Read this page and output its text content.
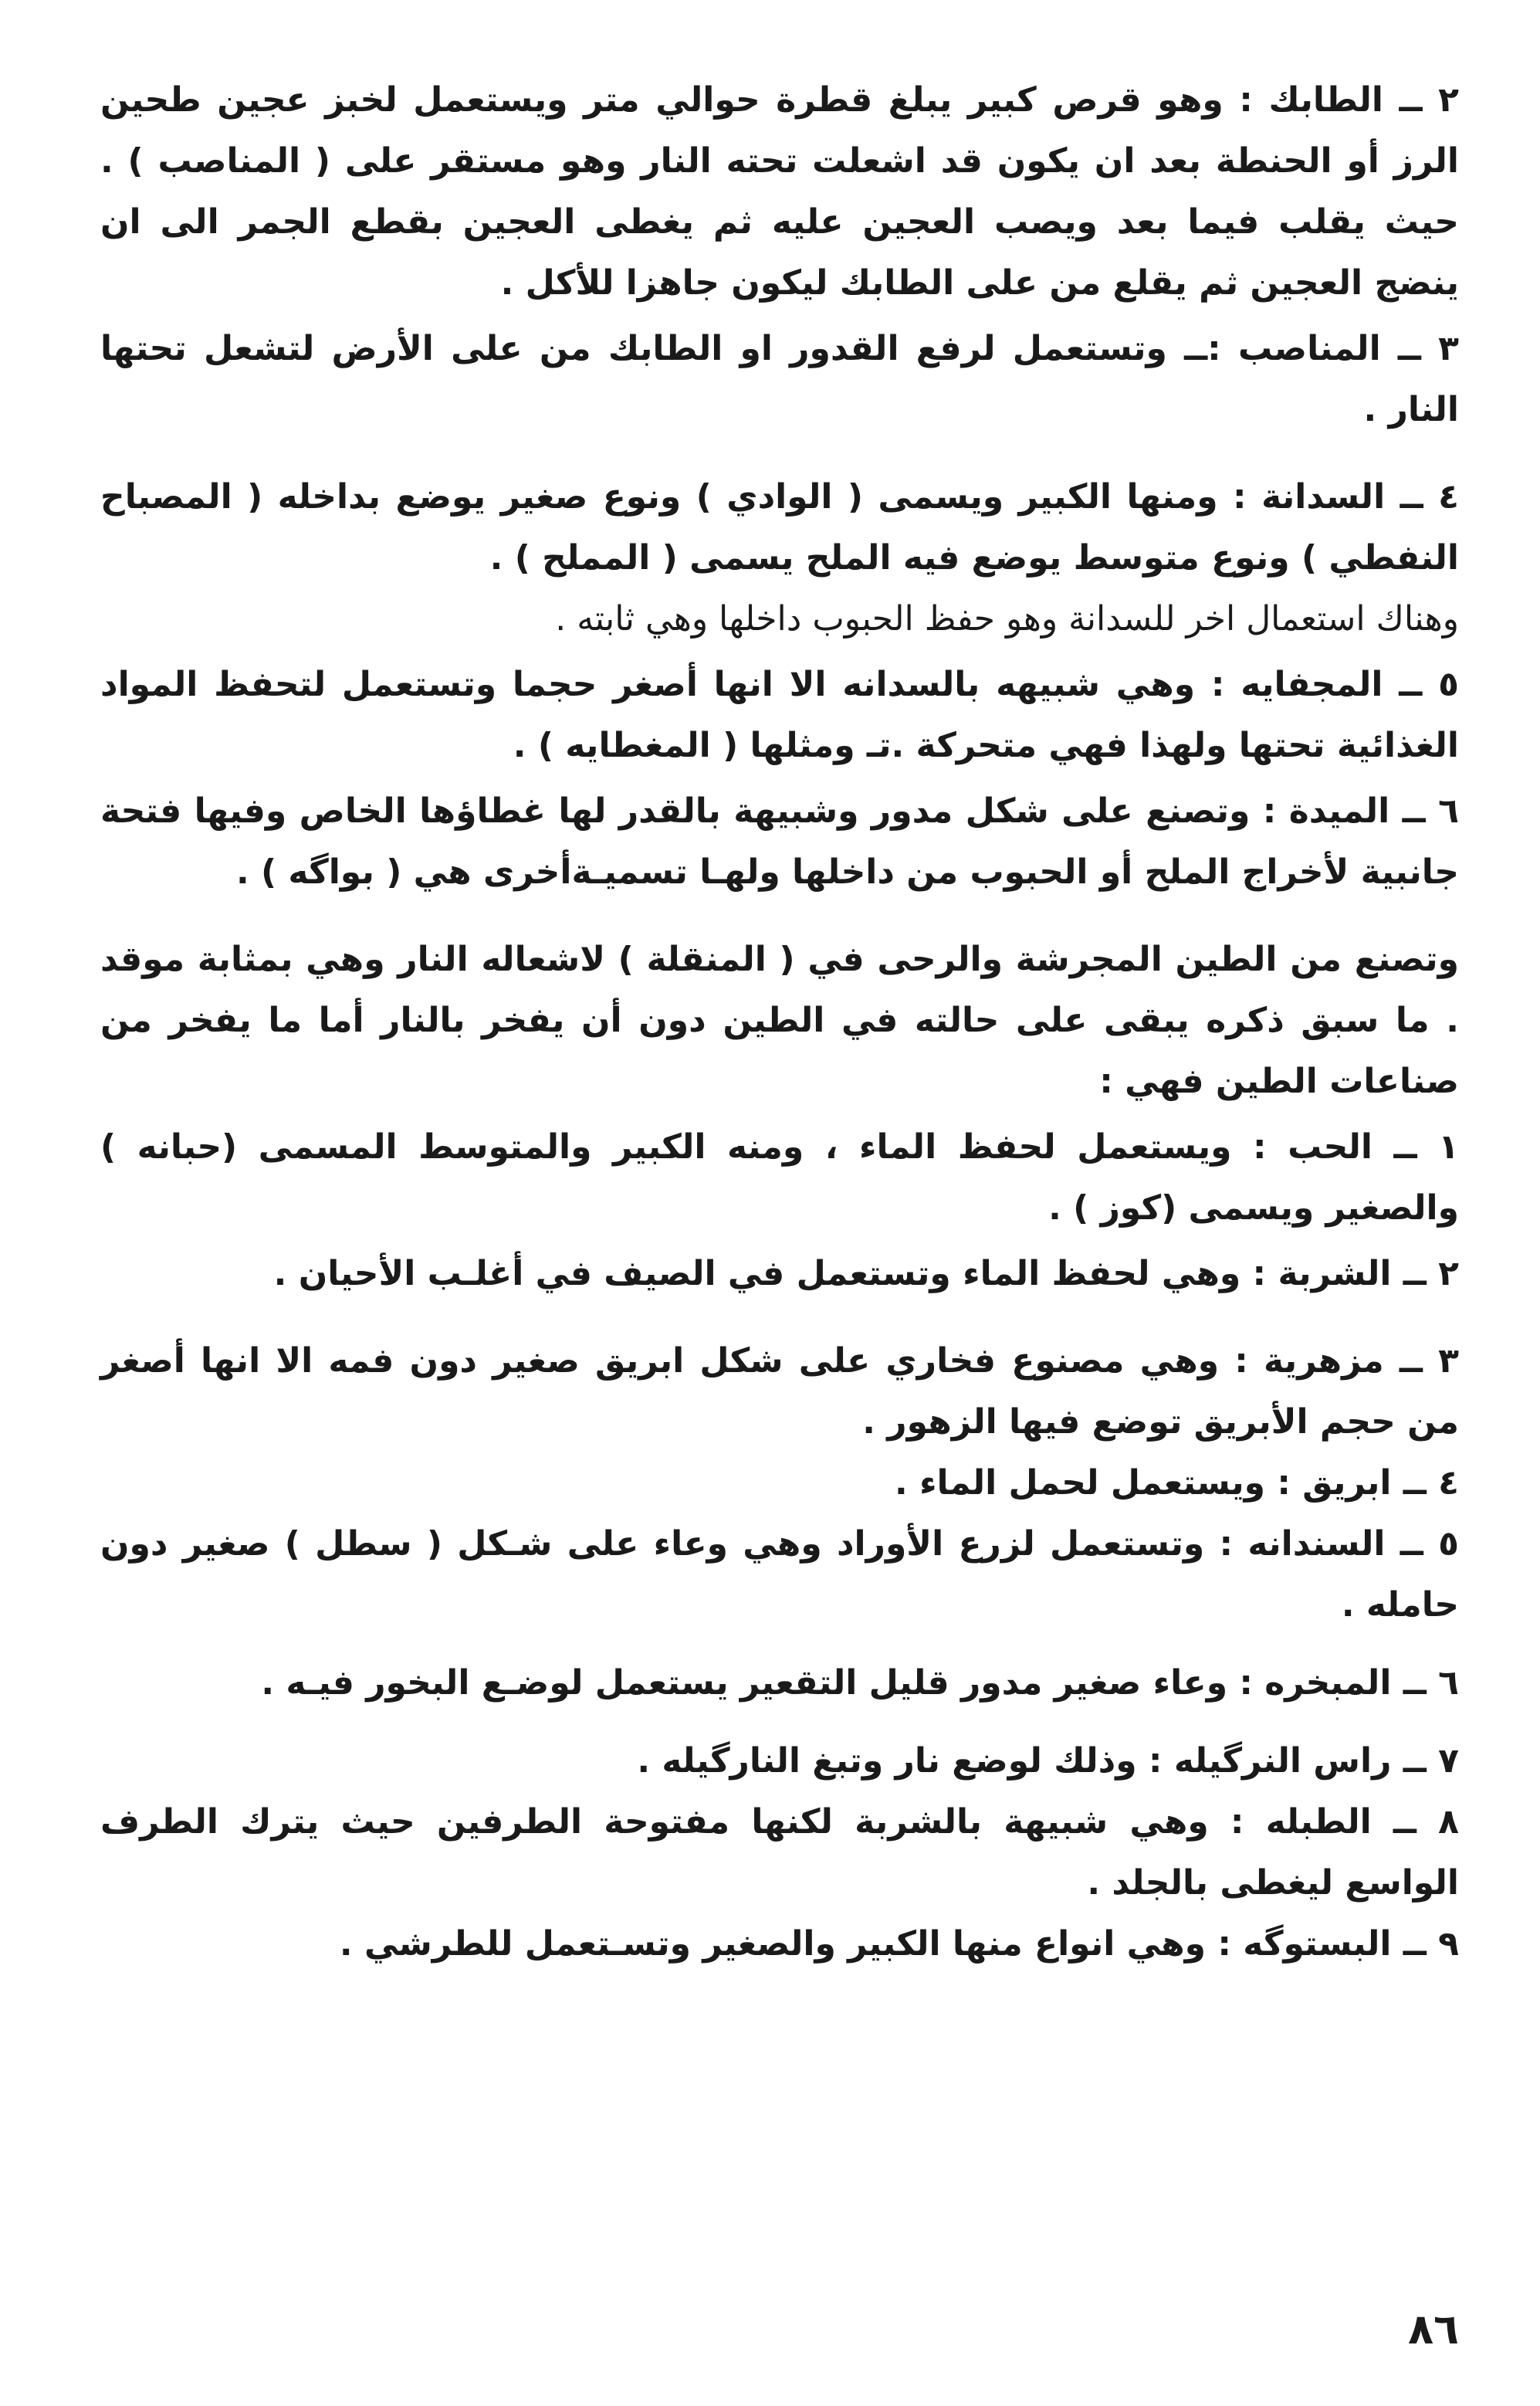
٢ ــ الطابك : وهو قرص كبير يبلغ قطرة حوالي متر ويستعمل لخبز عجين طحين الرز أو الحنطة بعد ان يكون قد اشعلت تحته النار وهو مستقر على ( المناصب ) . حيث يقلب فيما بعد ويصب العجين عليه ثم يغطى العجين بقطع الجمر الى ان ينضج العجين ثم يقلع من على الطابك ليكون جاهزا للأكل .

٣ ــ المناصب :ــ وتستعمل لرفع القدور او الطابك من على الأرض لتشعل تحتها النار .

٤ ــ السدانة : ومنها الكبير ويسمى ( الوادي ) ونوع صغير يوضع بداخله ( المصباح النفطي ) ونوع متوسط يوضع فيه الملح يسمى ( المملح ) .

وهناك استعمال اخر للسدانة وهو حفظ الحبوب داخلها وهي ثابته .

٥ ــ المجفايه : وهي شبيهه بالسدانه الا انها أصغر حجما وتستعمل لتحفظ المواد الغذائية تحتها ولهذا فهي متحركة .تـ ومثلها ( المغطايه ) .

٦ ــ الميدة : وتصنع على شكل مدور وشبيهة بالقدر لها غطاؤها الخاص وفيها فتحة جانبية لأخراج الملح أو الحبوب من داخلها ولهـا تسميـةأخرى هي ( بواگه ) .

وتصنع من الطين المجرشة والرحى في ( المنقلة ) لاشعاله النار وهي بمثابة موقد . ما سبق ذكره يبقى على حالته في الطين دون أن يفخر بالنار أما ما يفخر من صناعات الطين فهي :

١ ــ الحب : ويستعمل لحفظ الماء ، ومنه الكبير والمتوسط المسمى (حبانه ) والصغير ويسمى (كوز ) .

٢ ــ الشربة : وهي لحفظ الماء وتستعمل في الصيف في أغلـب الأحيان .

٣ ــ مزهرية : وهي مصنوع فخاري على شكل ابريق صغير دون فمه الا انها أصغر من حجم الأبريق توضع فيها الزهور .

٤ ــ ابريق : ويستعمل لحمل الماء .

٥ ــ السندانه : وتستعمل لزرع الأوراد وهي وعاء على شـكل ( سطل ) صغير دون حامله .

٦ ــ المبخره : وعاء صغير مدور قليل التقعير يستعمل لوضـع البخور فيـه .

٧ ــ راس النرگيله : وذلك لوضع نار وتبغ النارگيله .

٨ ــ الطبله : وهي شبيهة بالشربة لكنها مفتوحة الطرفين حيث يترك الطرف الواسع ليغطى بالجلد .

٩ ــ البستوگه : وهي انواع منها الكبير والصغير وتسـتعمل للطرشي .

٨٦
